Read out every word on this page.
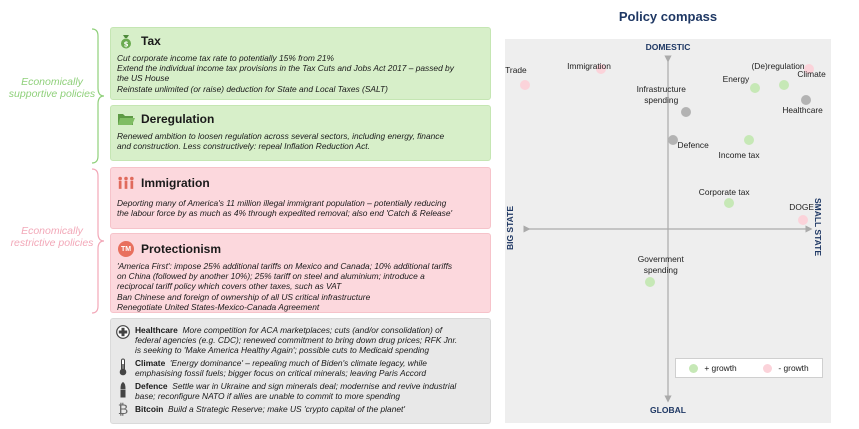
Economically supportive policies
Economically restrictive policies
$ Tax
Cut corporate income tax rate to potentially 15% from 21%
Extend the individual income tax provisions in the Tax Cuts and Jobs Act 2017 – passed by
the US House
Reinstate unlimited (or raise) deduction for State and Local Taxes (SALT)
Deregulation
Renewed ambition to loosen regulation across several sectors, including energy, finance
and construction. Less constructively: repeal Inflation Reduction Act.
Immigration
Deporting many of America's 11 million illegal immigrant population – potentially reducing
the labour force by as much as 4% through expedited removal; also end 'Catch & Release'
TM Protectionism
'America First': impose 25% additional tariffs on Mexico and Canada; 10% additional tariffs
on China (followed by another 10%); 25% tariff on steel and aluminium; introduce a
reciprocal tariff policy which covers other taxes, such as VAT
Ban Chinese and foreign of ownership of all US critical infrastructure
Renegotiate United States-Mexico-Canada Agreement
Healthcare More competition for ACA marketplaces; cuts (and/or consolidation) of
federal agencies (e.g. CDC); renewed commitment to bring down drug prices; RFK Jnr.
is seeking to 'Make America Healthy Again'; possible cuts to Medicaid spending
Climate 'Energy dominance' – repealing much of Biden's climate legacy, while
emphasising fossil fuels; bigger focus on critical minerals; leaving Paris Accord
Defence Settle war in Ukraine and sign minerals deal; modernise and revive industrial
base; reconfigure NATO if allies are unable to commit to more spending
₿ Bitcoin Build a Strategic Reserve; make US 'crypto capital of the planet'
Policy compass
DOMESTIC
GLOBAL
BIG STATE	SMALL STATE
Energy
(De)regulation
Income tax
Corporate tax
Government spending
Trade	Immigration
Climate
DOGE
Infrastructure spending
Healthcare
Defence
+ growth	- growth
